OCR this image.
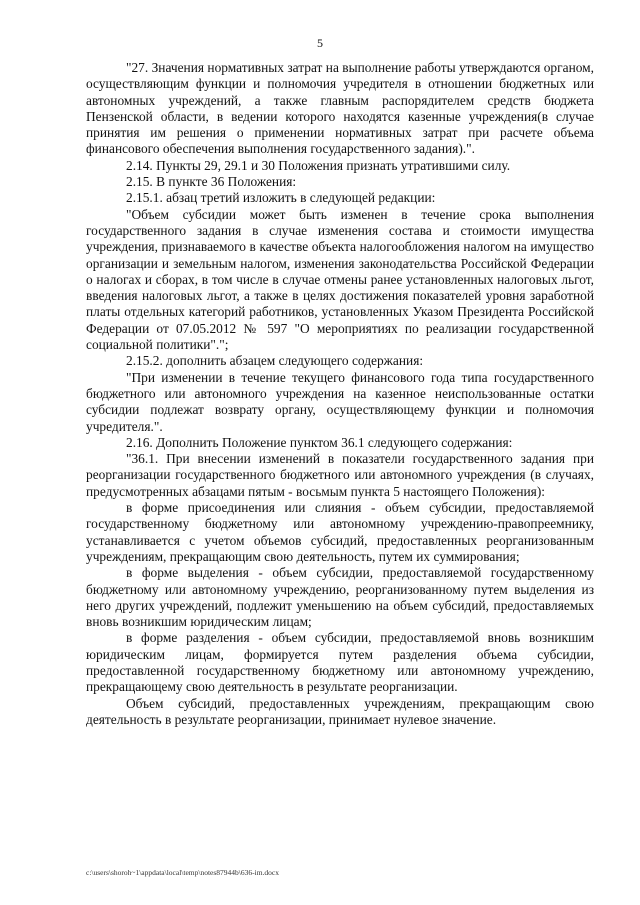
5

"27. Значения нормативных затрат на выполнение работы утверждаются органом, осуществляющим функции и полномочия учредителя в отношении бюджетных или автономных учреждений, а также главным распорядителем средств бюджета Пензенской области, в ведении которого находятся казенные учреждения(в случае принятия им решения о применении нормативных затрат при расчете объема финансового обеспечения выполнения государственного задания).".

2.14. Пункты 29, 29.1 и 30 Положения признать утратившими силу.

2.15. В пункте 36 Положения:

2.15.1. абзац третий изложить в следующей редакции:

"Объем субсидии может быть изменен в течение срока выполнения государственного задания в случае изменения состава и стоимости имущества учреждения, признаваемого в качестве объекта налогообложения налогом на имущество организации и земельным налогом, изменения законодательства Российской Федерации о налогах и сборах, в том числе в случае отмены ранее установленных налоговых льгот, введения налоговых льгот, а также в целях достижения показателей уровня заработной платы отдельных категорий работников, установленных Указом Президента Российской Федерации от 07.05.2012 № 597 "О мероприятиях по реализации государственной социальной политики".";

2.15.2. дополнить абзацем следующего содержания:

"При изменении в течение текущего финансового года типа государственного бюджетного или автономного учреждения на казенное неиспользованные остатки субсидии подлежат возврату органу, осуществляющему функции и полномочия учредителя.".

2.16. Дополнить Положение пунктом 36.1 следующего содержания:

"36.1. При внесении изменений в показатели государственного задания при реорганизации государственного бюджетного или автономного учреждения (в случаях, предусмотренных абзацами пятым - восьмым пункта 5 настоящего Положения):

в форме присоединения или слияния - объем субсидии, предоставляемой государственному бюджетному или автономному учреждению-правопреемнику, устанавливается с учетом объемов субсидий, предоставленных реорганизованным учреждениям, прекращающим свою деятельность, путем их суммирования;

в форме выделения - объем субсидии, предоставляемой государственному бюджетному или автономному учреждению, реорганизованному путем выделения из него других учреждений, подлежит уменьшению на объем субсидий, предоставляемых вновь возникшим юридическим лицам;

в форме разделения - объем субсидии, предоставляемой вновь возникшим юридическим лицам, формируется путем разделения объема субсидии, предоставленной государственному бюджетному или автономному учреждению, прекращающему свою деятельность в результате реорганизации.

Объем субсидий, предоставленных учреждениям, прекращающим свою деятельность в результате реорганизации, принимает нулевое значение.

c:\users\shoroh~1\appdata\local\temp\notes87944b\636-im.docx
